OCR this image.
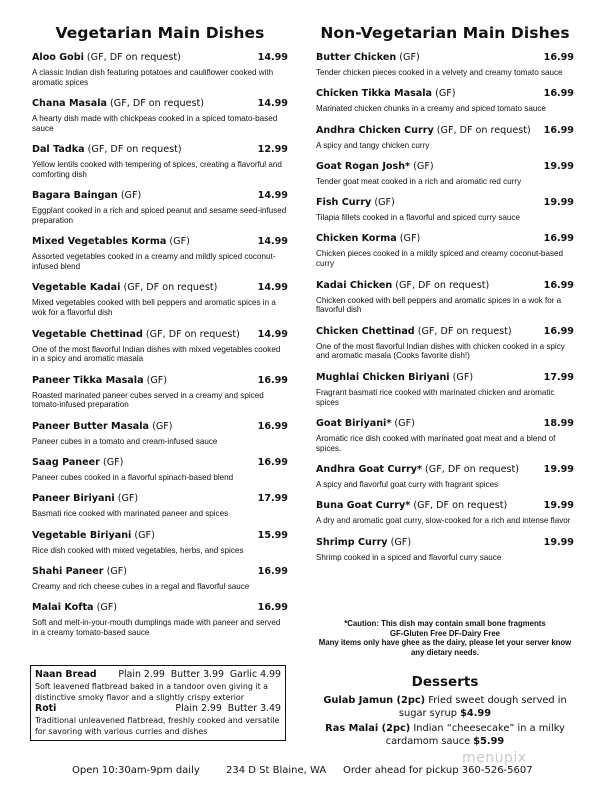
Vegetarian Main Dishes
Aloo Gobi (GF, DF on request)	14.99
A classic Indian dish featuring potatoes and cauliflower cooked with aromatic spices
Chana Masala (GF, DF on request)	14.99
A hearty dish made with chickpeas cooked in a spiced tomato-based sauce
Dal Tadka (GF, DF on request)	12.99
Yellow lentils cooked with tempering of spices, creating a flavorful and comforting dish
Bagara Baingan (GF)	14.99
Eggplant cooked in a rich and spiced peanut and sesame seed-infused preparation
Mixed Vegetables Korma (GF)	14.99
Assorted vegetables cooked in a creamy and mildly spiced coconut-infused blend
Vegetable Kadai (GF, DF on request)	14.99
Mixed vegetables cooked with bell peppers and aromatic spices in a wok for a flavorful dish
Vegetable Chettinad (GF, DF on request) 14.99
One of the most flavorful Indian dishes with mixed vegetables cooked in a spicy and aromatic masala
Paneer Tikka Masala (GF)	16.99
Roasted marinated paneer cubes served in a creamy and spiced tomato-infused preparation
Paneer Butter Masala (GF)	16.99
Paneer cubes in a tomato and cream-infused sauce
Saag Paneer (GF)	16.99
Paneer cubes cooked in a flavorful spinach-based blend
Paneer Biriyani (GF)	17.99
Basmati rice cooked with marinated paneer and spices
Vegetable Biriyani (GF)	15.99
Rice dish cooked with mixed vegetables, herbs, and spices
Shahi Paneer (GF)	16.99
Creamy and rich cheese cubes in a regal and flavorful sauce
Malai Kofta (GF)	16.99
Soft and melt-in-your-mouth dumplings made with paneer and served in a creamy tomato-based sauce
Non-Vegetarian Main Dishes
Butter Chicken (GF)	16.99
Tender chicken pieces cooked in a velvety and creamy tomato sauce
Chicken Tikka Masala (GF)	16.99
Marinated chicken chunks in a creamy and spiced tomato sauce
Andhra Chicken Curry (GF, DF on request) 16.99
A spicy and tangy chicken curry
Goat Rogan Josh* (GF)	19.99
Tender goat meat cooked in a rich and aromatic red curry
Fish Curry (GF)	19.99
Tilapia fillets cooked in a flavorful and spiced curry sauce
Chicken Korma (GF)	16.99
Chicken pieces cooked in a mildly spiced and creamy coconut-based curry
Kadai Chicken (GF, DF on request)	16.99
Chicken cooked with bell peppers and aromatic spices in a wok for a flavorful dish
Chicken Chettinad (GF, DF on request)	16.99
One of the most flavorful Indian dishes with chicken cooked in a spicy and aromatic masala (Cooks favorite dish!)
Mughlai Chicken Biriyani (GF)	17.99
Fragrant basmati rice cooked with marinated chicken and aromatic spices
Goat Biriyani* (GF)	18.99
Aromatic rice dish cooked with marinated goat meat and a blend of spices.
Andhra Goat Curry* (GF, DF on request)	19.99
A spicy and flavorful goat curry with fragrant spices
Buna Goat Curry* (GF, DF on request)	19.99
A dry and aromatic goat curry, slow-cooked for a rich and intense flavor
Shrimp Curry (GF)	19.99
Shrimp cooked in a spiced and flavorful curry sauce
*Caution: This dish may contain small bone fragments
GF-Gluten Free DF-Dairy Free
Many items only have ghee as the dairy, please let your server know any dietary needs.
Naan Bread Plain 2.99  Butter 3.99  Garlic 4.99
Soft leavened flatbread baked in a tandoor oven giving it a distinctive smoky flavor and a slightly crispy exterior
Roti	Plain 2.99  Butter 3.49
Traditional unleavened flatbread, freshly cooked and versatile for savoring with various curries and dishes
Desserts
Gulab Jamun (2pc) Fried sweet dough served in sugar syrup $4.99
Ras Malai (2pc) Indian “cheesecake” in a milky cardamom sauce $5.99
Open 10:30am-9pm daily	234 D St Blaine, WA Order ahead for pickup 360-526-5607
menupix
